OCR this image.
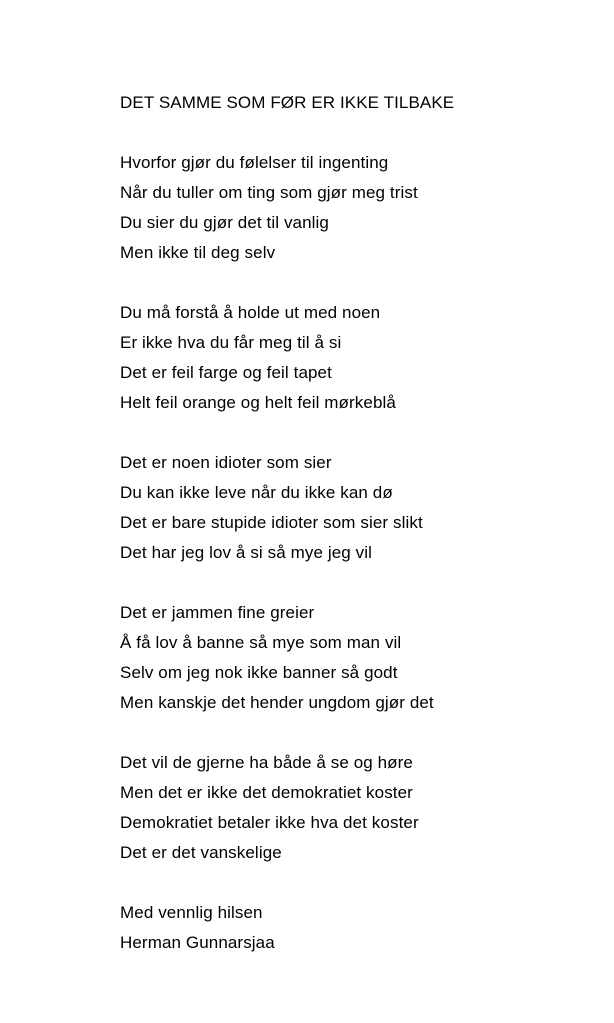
DET SAMME SOM FØR ER IKKE TILBAKE
Hvorfor gjør du følelser til ingenting
Når du tuller om ting som gjør meg trist
Du sier du gjør det til vanlig
Men ikke til deg selv
Du må forstå å holde ut med noen
Er ikke hva du får meg til å si
Det er feil farge og feil tapet
Helt feil orange og helt feil mørkeblå
Det er noen idioter som sier
Du kan ikke leve når du ikke kan dø
Det er bare stupide idioter som sier slikt
Det har jeg lov å si så mye jeg vil
Det er jammen fine greier
Å få lov å banne så mye som man vil
Selv om jeg nok ikke banner så godt
Men kanskje det hender ungdom gjør det
Det vil de gjerne ha både å se og høre
Men det er ikke det demokratiet koster
Demokratiet betaler ikke hva det koster
Det er det vanskelige
Med vennlig hilsen
Herman Gunnarsjaa
